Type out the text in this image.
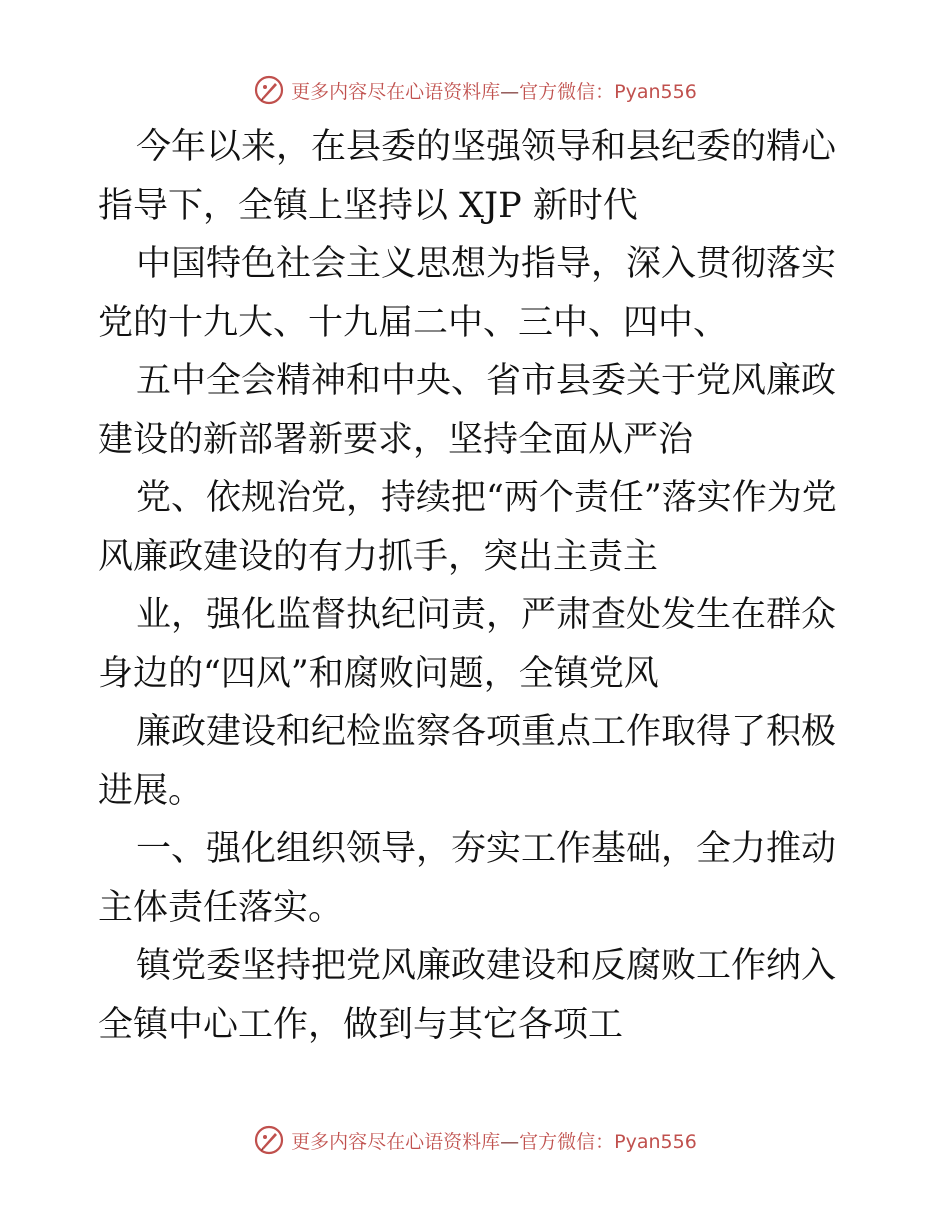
更多内容尽在心语资料库—官方微信：Pyan556

今年以来，在县委的坚强领导和县纪委的精心指导下，全镇上坚持以 XJP 新时代

中国特色社会主义思想为指导，深入贯彻落实党的十九大、十九届二中、三中、四中、

五中全会精神和中央、省市县委关于党风廉政建设的新部署新要求，坚持全面从严治

党、依规治党，持续把“两个责任”落实作为党风廉政建设的有力抓手，突出主责主

业，强化监督执纪问责，严肃查处发生在群众身边的“四风”和腐败问题，全镇党风

廉政建设和纪检监察各项重点工作取得了积极进展。

一、强化组织领导，夯实工作基础，全力推动主体责任落实。

镇党委坚持把党风廉政建设和反腐败工作纳入全镇中心工作，做到与其它各项工

更多内容尽在心语资料库—官方微信：Pyan556
